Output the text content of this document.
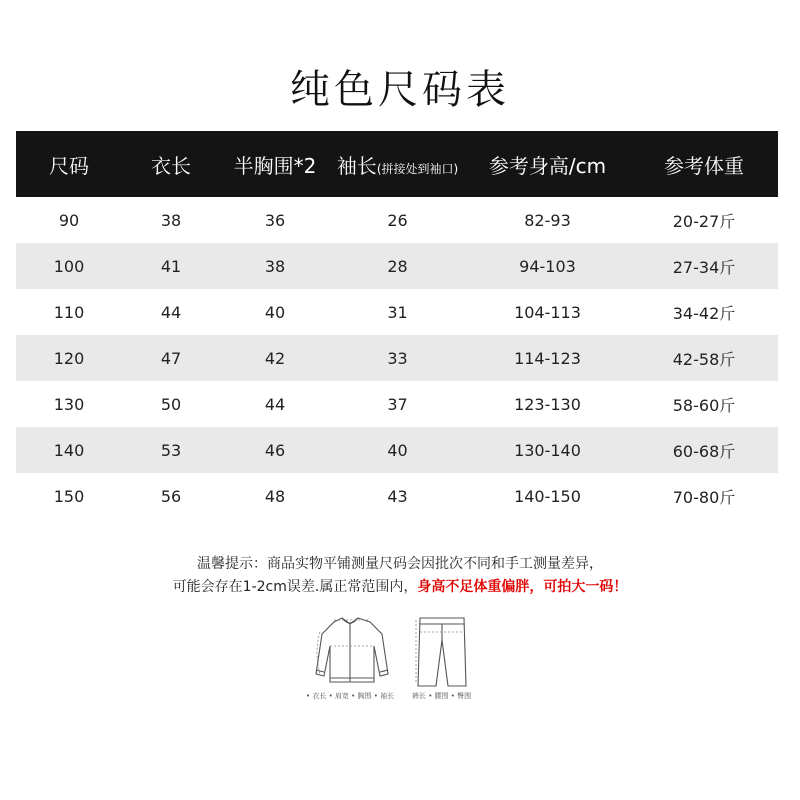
纯色尺码表
尺码	衣长	半胸围*2	袖长(拼接处到袖口)	参考身高/cm	参考体重
90	38	36	26	82-93	20-27斤
100	41	38	28	94-103	27-34斤
110	44	40	31	104-113	34-42斤
120	47	42	33	114-123	42-58斤
130	50	44	37	123-130	58-60斤
140	53	46	40	130-140	60-68斤
150	56	48	43	140-150	70-80斤
温馨提示：商品实物平铺测量尺码会因批次不同和手工测量差异，
可能会存在1-2cm误差.属正常范围内，身高不足体重偏胖，可拍大一码！
• 衣长 • 肩宽 • 胸围 • 袖长	裤长 • 腰围 • 臀围
